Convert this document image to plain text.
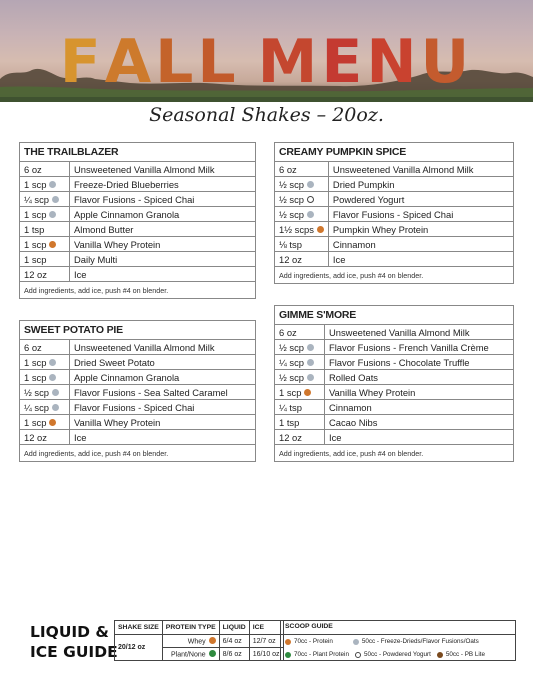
FALL MENU
Seasonal Shakes – 20oz.
THE TRAILBLAZER	
6 oz	Unsweetened Vanilla Almond Milk
1 scp	Freeze-Dried Blueberries
¼ scp	Flavor Fusions - Spiced Chai
1 scp	Apple Cinnamon Granola
1 tsp	Almond Butter
1 scp	Vanilla Whey Protein
1 scp	Daily Multi
12 oz	Ice
Add ingredients, add ice, push #4 on blender.	
CREAMY PUMPKIN SPICE	
6 oz	Unsweetened Vanilla Almond Milk
½ scp	Dried Pumpkin
½ scp	Powdered Yogurt
½ scp	Flavor Fusions - Spiced Chai
1½ scps	Pumpkin Whey Protein
⅛ tsp	Cinnamon
12 oz	Ice
Add ingredients, add ice, push #4 on blender.	
SWEET POTATO PIE	
6 oz	Unsweetened Vanilla Almond Milk
1 scp	Dried Sweet Potato
1 scp	Apple Cinnamon Granola
½ scp	Flavor Fusions - Sea Salted Caramel
¼ scp	Flavor Fusions - Spiced Chai
1 scp	Vanilla Whey Protein
12 oz	Ice
Add ingredients, add ice, push #4 on blender.	
GIMME S'MORE	
6 oz	Unsweetened Vanilla Almond Milk
½ scp	Flavor Fusions - French Vanilla Crème
¼ scp	Flavor Fusions - Chocolate Truffle
½ scp	Rolled Oats
1 scp	Vanilla Whey Protein
¼ tsp	Cinnamon
1 tsp	Cacao Nibs
12 oz	Ice
Add ingredients, add ice, push #4 on blender.	
LIQUID &
ICE GUIDE
SHAKE SIZE	PROTEIN TYPE	LIQUID	ICE
20/12 oz	Whey	6/4 oz	12/7 oz
	Plant/None	8/6 oz	16/10 oz
SCOOP GUIDE
70cc - Protein	50cc - Freeze-Drieds/Flavor Fusions/Oats
70cc - Plant Protein 50cc - Powdered Yogurt 50cc - PB Lite
